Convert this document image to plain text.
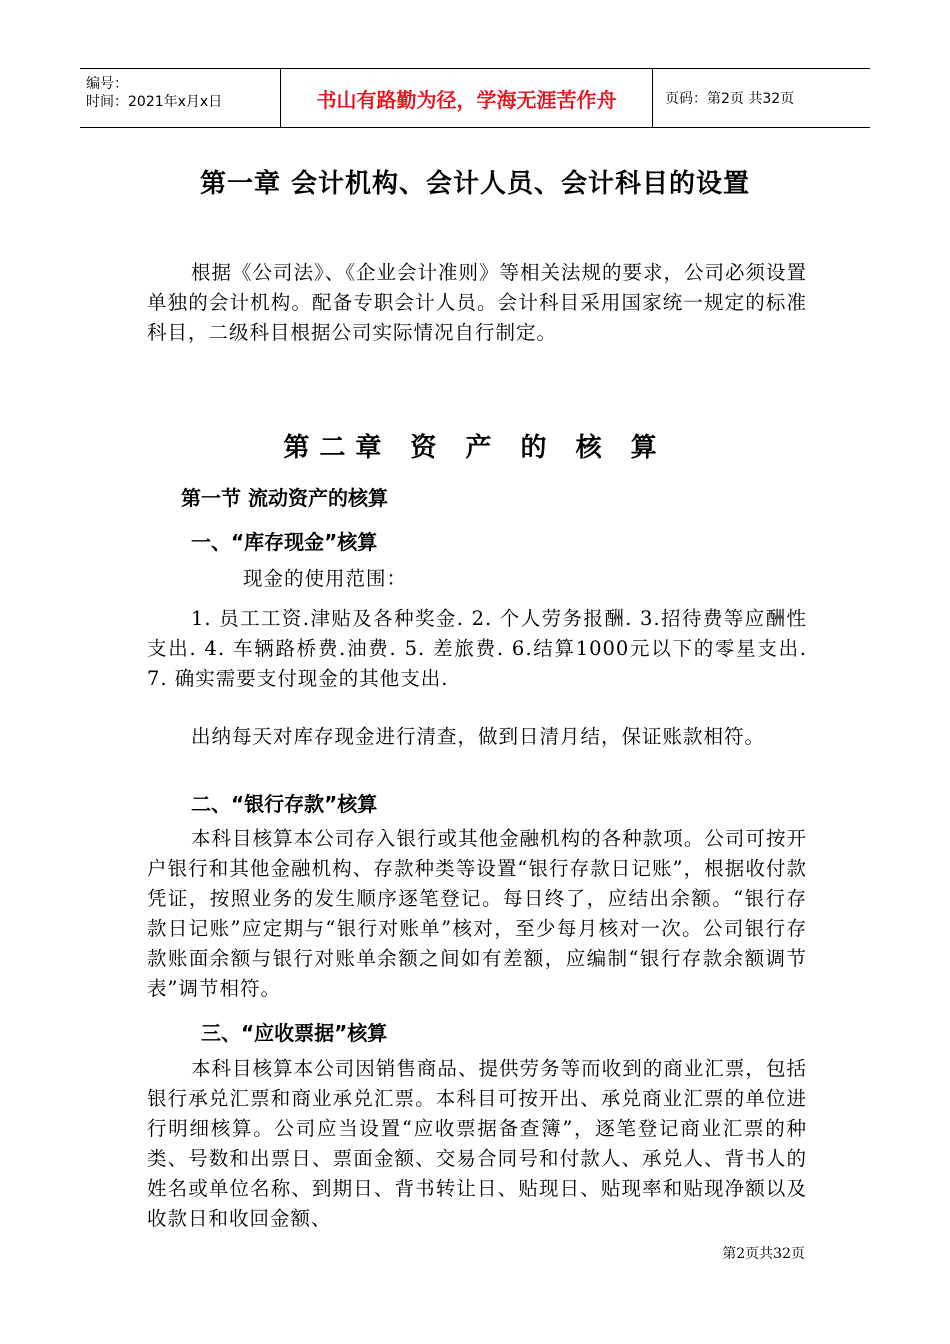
编号：
时间：2021年x月x日	书山有路勤为径，学海无涯苦作舟	页码：第2页 共32页
第一章 会计机构、会计人员、会计科目的设置

根据《公司法》、《企业会计准则》等相关法规的要求，公司必须设置单独的会计机构。配备专职会计人员。会计科目采用国家统一规定的标准科目，二级科目根据公司实际情况自行制定。

第二章 资 产 的 核 算
第一节 流动资产的核算
一、“库存现金”核算

现金的使用范围：

1. 员工工资.津贴及各种奖金. 2. 个人劳务报酬. 3.招待费等应酬性支出. 4. 车辆路桥费.油费. 5. 差旅费. 6.结算1000元以下的零星支出. 7. 确实需要支付现金的其他支出.

出纳每天对库存现金进行清查，做到日清月结，保证账款相符。

二、“银行存款”核算

本科目核算本公司存入银行或其他金融机构的各种款项。公司可按开户银行和其他金融机构、存款种类等设置“银行存款日记账”，根据收付款凭证，按照业务的发生顺序逐笔登记。每日终了，应结出余额。“银行存款日记账”应定期与“银行对账单”核对，至少每月核对一次。公司银行存款账面余额与银行对账单余额之间如有差额，应编制“银行存款余额调节表”调节相符。

三、“应收票据”核算

本科目核算本公司因销售商品、提供劳务等而收到的商业汇票，包括银行承兑汇票和商业承兑汇票。本科目可按开出、承兑商业汇票的单位进行明细核算。公司应当设置“应收票据备查簿”，逐笔登记商业汇票的种类、号数和出票日、票面金额、交易合同号和付款人、承兑人、背书人的姓名或单位名称、到期日、背书转让日、贴现日、贴现率和贴现净额以及收款日和收回金额、

第2页共32页
